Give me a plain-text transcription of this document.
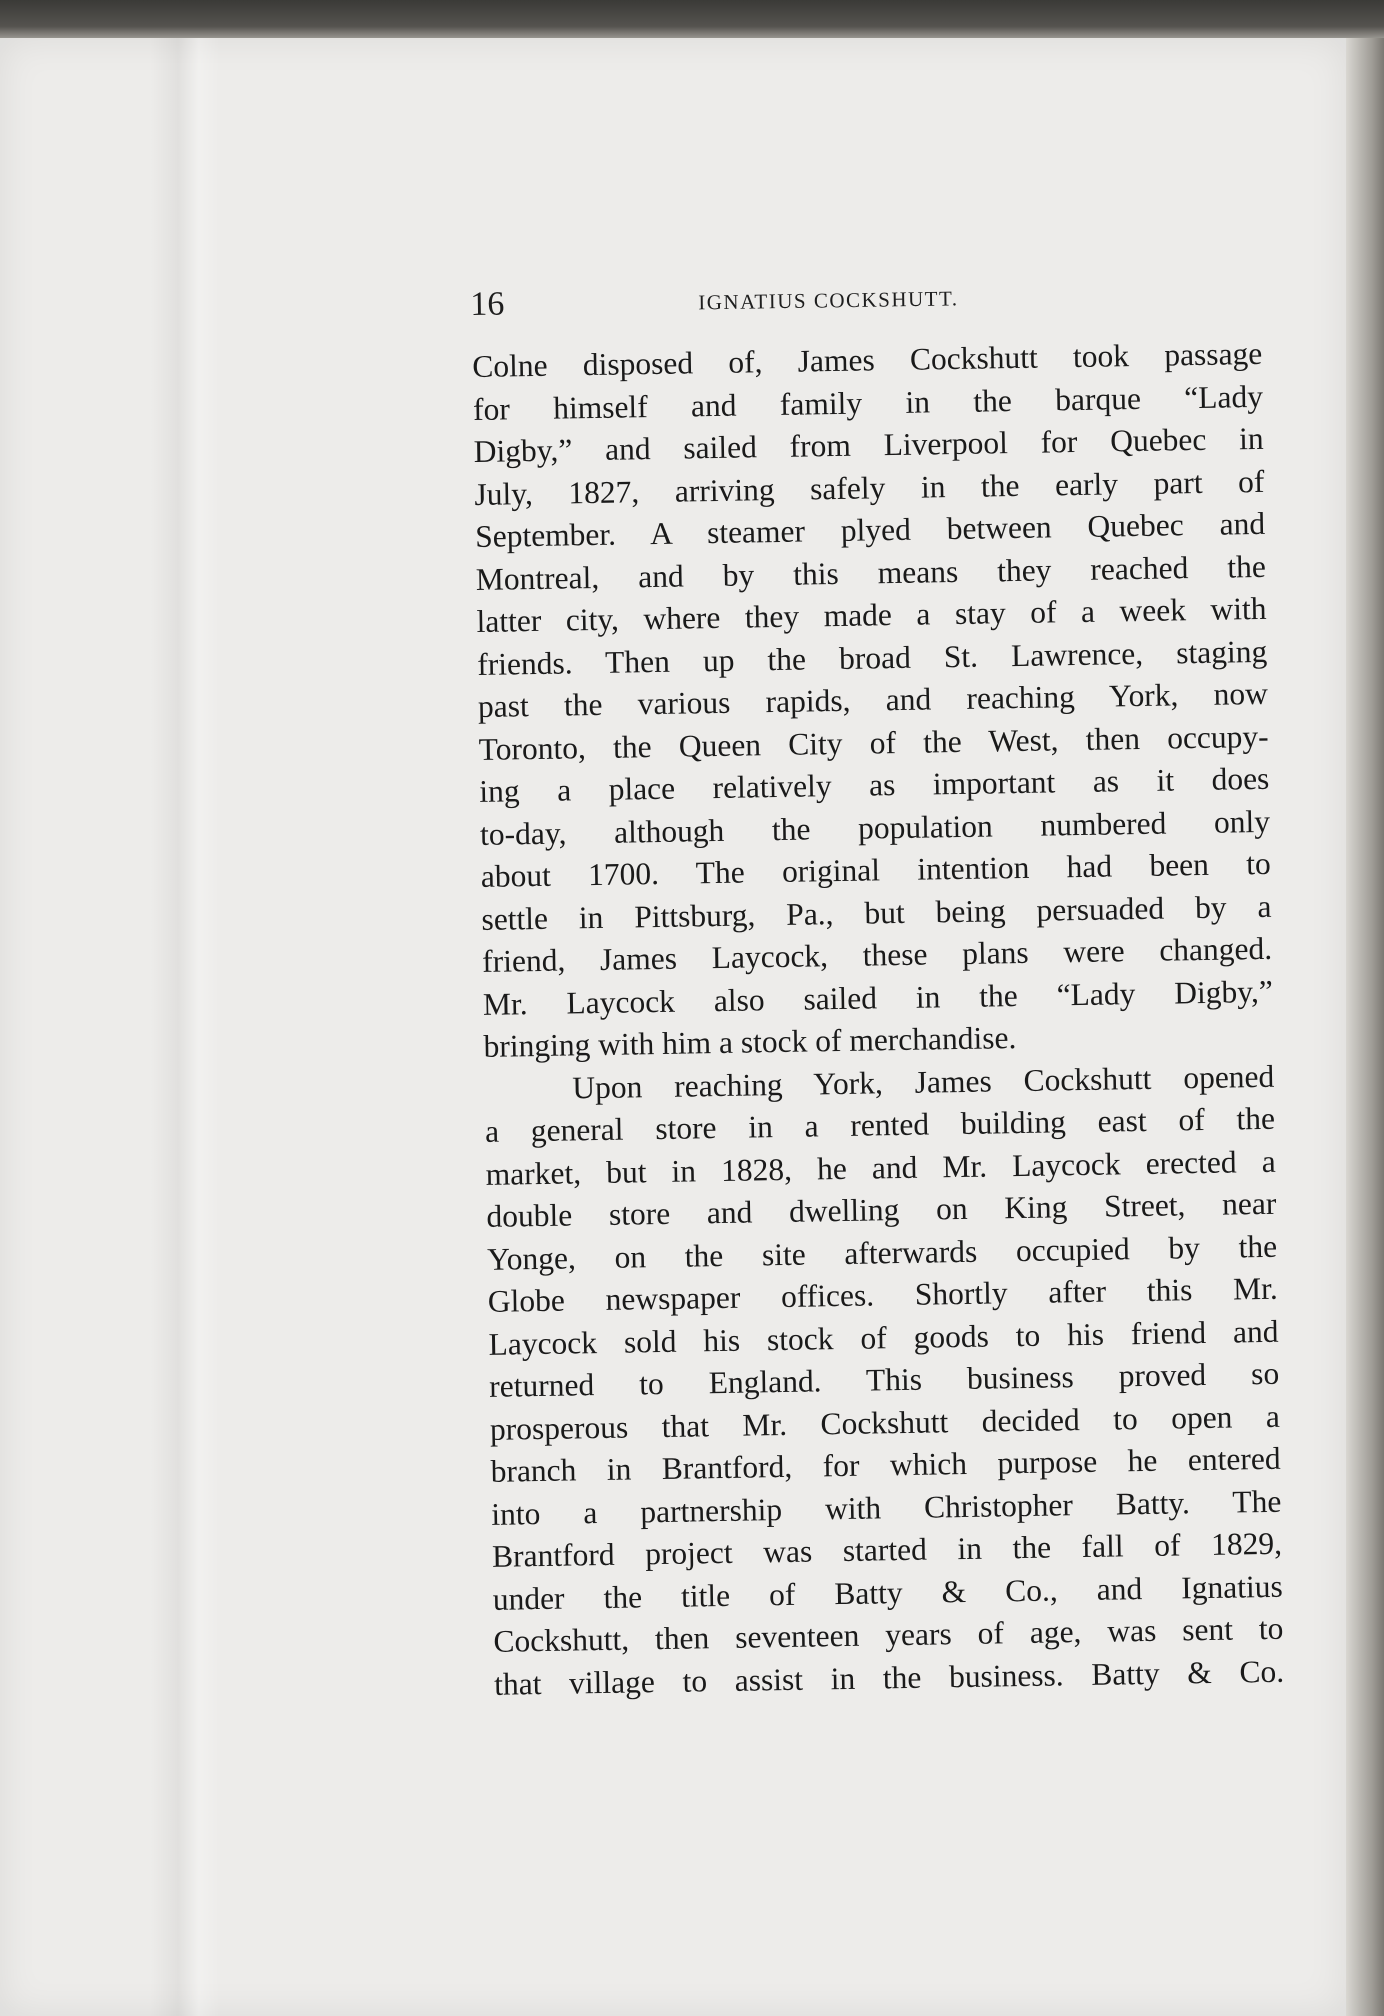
16	IGNATIUS COCKSHUTT.
Colne disposed of, James Cockshutt took passage
for himself and family in the barque “Lady
Digby,” and sailed from Liverpool for Quebec in
July, 1827, arriving safely in the early part of
September. A steamer plyed between Quebec and
Montreal, and by this means they reached the
latter city, where they made a stay of a week with
friends. Then up the broad St. Lawrence, staging
past the various rapids, and reaching York, now
Toronto, the Queen City of the West, then occupy-
ing a place relatively as important as it does
to-day, although the population numbered only
about 1700. The original intention had been to
settle in Pittsburg, Pa., but being persuaded by a
friend, James Laycock, these plans were changed.
Mr. Laycock also sailed in the “Lady Digby,”
bringing with him a stock of merchandise.
Upon reaching York, James Cockshutt opened
a general store in a rented building east of the
market, but in 1828, he and Mr. Laycock erected a
double store and dwelling on King Street, near
Yonge, on the site afterwards occupied by the
Globe newspaper offices. Shortly after this Mr.
Laycock sold his stock of goods to his friend and
returned to England. This business proved so
prosperous that Mr. Cockshutt decided to open a
branch in Brantford, for which purpose he entered
into a partnership with Christopher Batty. The
Brantford project was started in the fall of 1829,
under the title of Batty & Co., and Ignatius
Cockshutt, then seventeen years of age, was sent to
that village to assist in the business. Batty & Co.
